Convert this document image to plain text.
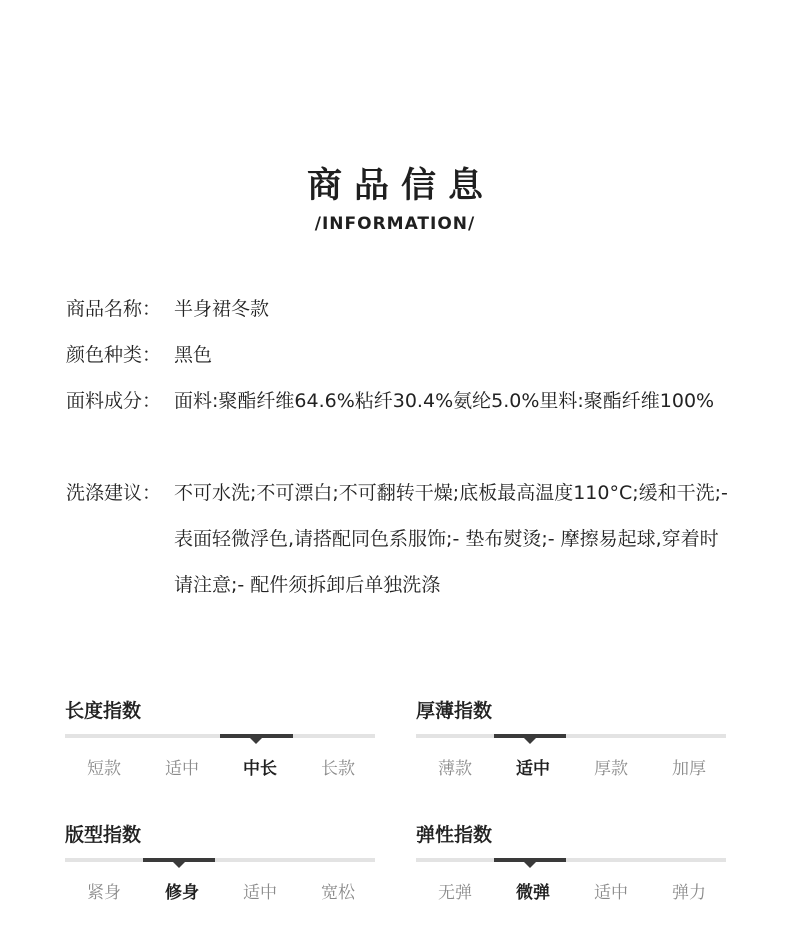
商品信息
/INFORMATION/
商品名称： 半身裙冬款
颜色种类： 黑色
面料成分： 面料:聚酯纤维64.6%粘纤30.4%氨纶5.0%里料:聚酯纤维100%
洗涤建议： 不可水洗;不可漂白;不可翻转干燥;底板最高温度110°C;缓和干洗;- 表面轻微浮色,请搭配同色系服饰;- 垫布熨烫;- 摩擦易起球,穿着时请注意;- 配件须拆卸后单独洗涤
长度指数
短款	适中	中长	长款
厚薄指数
薄款	适中	厚款	加厚
版型指数
紧身	修身	适中	宽松
弹性指数
无弹	微弹	适中	弹力
